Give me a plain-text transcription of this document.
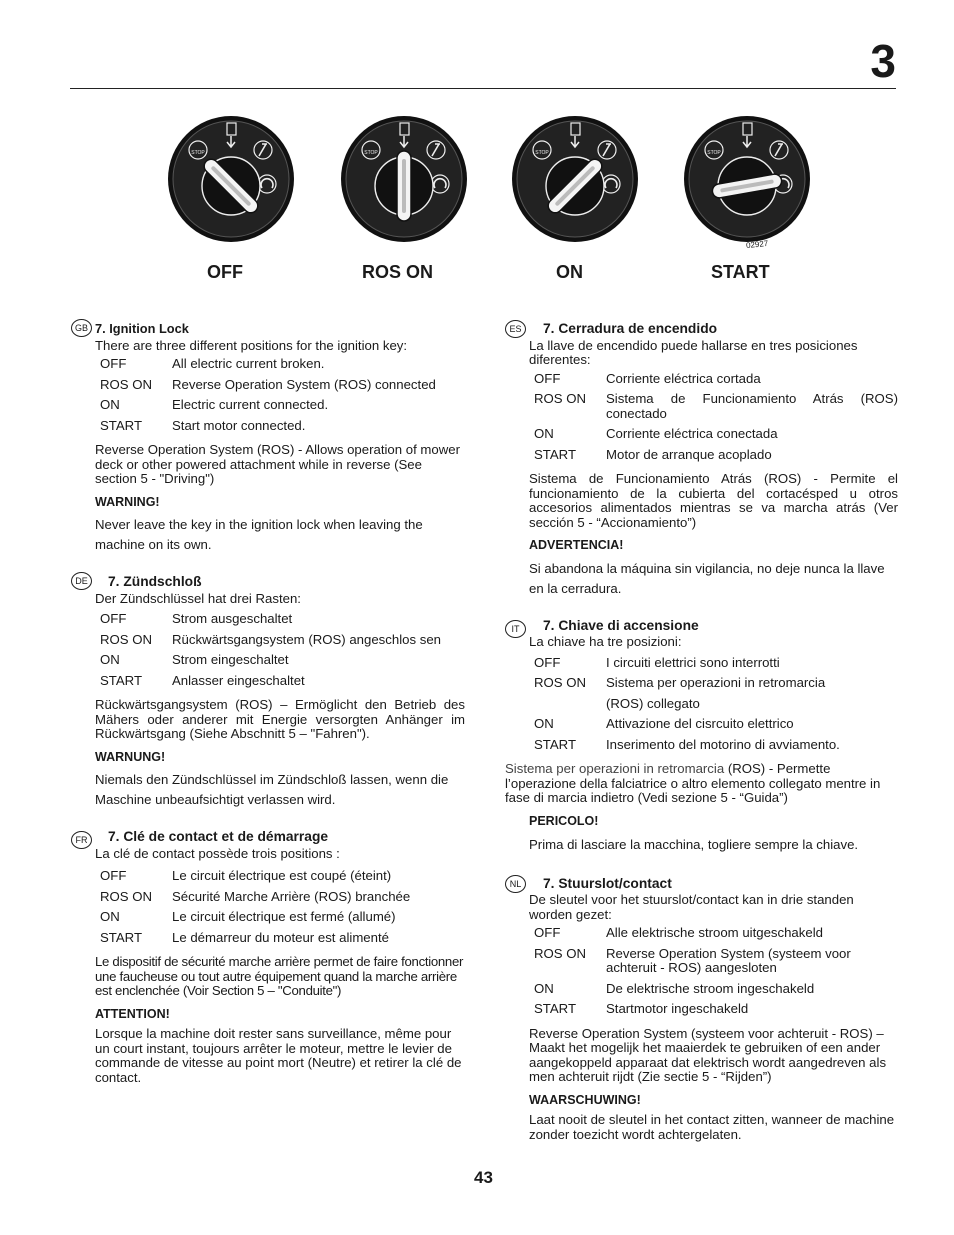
3
STOP	STOP	STOP	STOP
02927
OFF	ROS ON	ON	START
GB 7. Ignition Lock

There are three different positions for the ignition key:

OFF	All electric current broken.
ROS ON	Reverse Operation System (ROS) connected
ON	Electric current connected.
START	Start motor connected.

Reverse Operation System (ROS) - Allows operation of mower deck or other powered attachment while in reverse (See section 5 - "Driving")

WARNING!

Never leave the key in the ignition lock when leaving the machine on its own.

DE	7. Zündschloß

Der Zündschlüssel hat drei Rasten:

OFF	Strom ausgeschaltet
ROS ON	Rückwärtsgangsystem (ROS) angeschlos sen
ON	Strom eingeschaltet
START	Anlasser eingeschaltet

Rückwärtsgangsystem (ROS) – Ermöglicht den Betrieb des Mähers oder anderer mit Energie versorgten Anhänger im Rückwärtsgang (Siehe Abschnitt 5 – "Fahren").

WARNUNG!

Niemals den Zündschlüssel im Zündschloß lassen, wenn die Maschine unbeaufsichtigt verlassen wird.

FR	7. Clé de contact et de démarrage

La clé de contact possède trois positions :

OFF	Le circuit électrique est coupé (éteint)
ROS ON	Sécurité Marche Arrière (ROS) branchée
ON	Le circuit électrique est fermé (allumé)
START	Le démarreur du moteur est alimenté

Le dispositif de sécurité marche arrière permet de faire fonctionner une faucheuse ou tout autre équipement quand la marche arrière est enclenchée (Voir Section 5 – "Conduite")

ATTENTION!

Lorsque la machine doit rester sans surveillance, même pour un court instant, toujours arrêter le moteur, mettre le levier de commande de vitesse au point mort (Neutre) et retirer la clé de contact.

ES	7. Cerradura de encendido

La llave de encendido puede hallarse en tres posiciones diferentes:

OFF	Corriente eléctrica cortada
ROS ON	Sistema de Funcionamiento Atrás (ROS) conectado
ON	Corriente eléctrica conectada
START	Motor de arranque acoplado

Sistema de Funcionamiento Atrás (ROS) - Permite el funcionamiento de la cubierta del cortacésped u otros accesorios alimentados mientras se va marcha atrás (Ver sección 5 - “Accionamiento”)

ADVERTENCIA!

Si abandona la máquina sin vigilancia, no deje nunca la llave en la cerradura.

IT	7. Chiave di accensione

La chiave ha tre posizioni:

OFF	I circuiti elettrici sono interrotti
ROS ON	Sistema per operazioni in retromarcia
	(ROS) collegato
ON	Attivazione del cisrcuito elettrico
START	Inserimento del motorino di avviamento.

Sistema per operazioni in retromarcia (ROS) - Permette l’operazione della falciatrice o altro elemento collegato mentre in fase di marcia indietro (Vedi sezione 5 - “Guida”)

PERICOLO!

Prima di lasciare la macchina, togliere sempre la chiave.

NL	7. Stuurslot/contact

De sleutel voor het stuurslot/contact kan in drie standen worden gezet:

OFF	Alle elektrische stroom uitgeschakeld
ROS ON	Reverse Operation System (systeem voor achteruit - ROS) aangesloten
ON	De elektrische stroom ingeschakeld
START	Startmotor ingeschakeld

Reverse Operation System (systeem voor achteruit - ROS) – Maakt het mogelijk het maaierdek te gebruiken of een ander aangekoppeld apparaat dat elektrisch wordt aangedreven als men achteruit rijdt (Zie sectie 5 - “Rijden”)

WAARSCHUWING!

Laat nooit de sleutel in het contact zitten, wanneer de machine zonder toezicht wordt achtergelaten.

43
